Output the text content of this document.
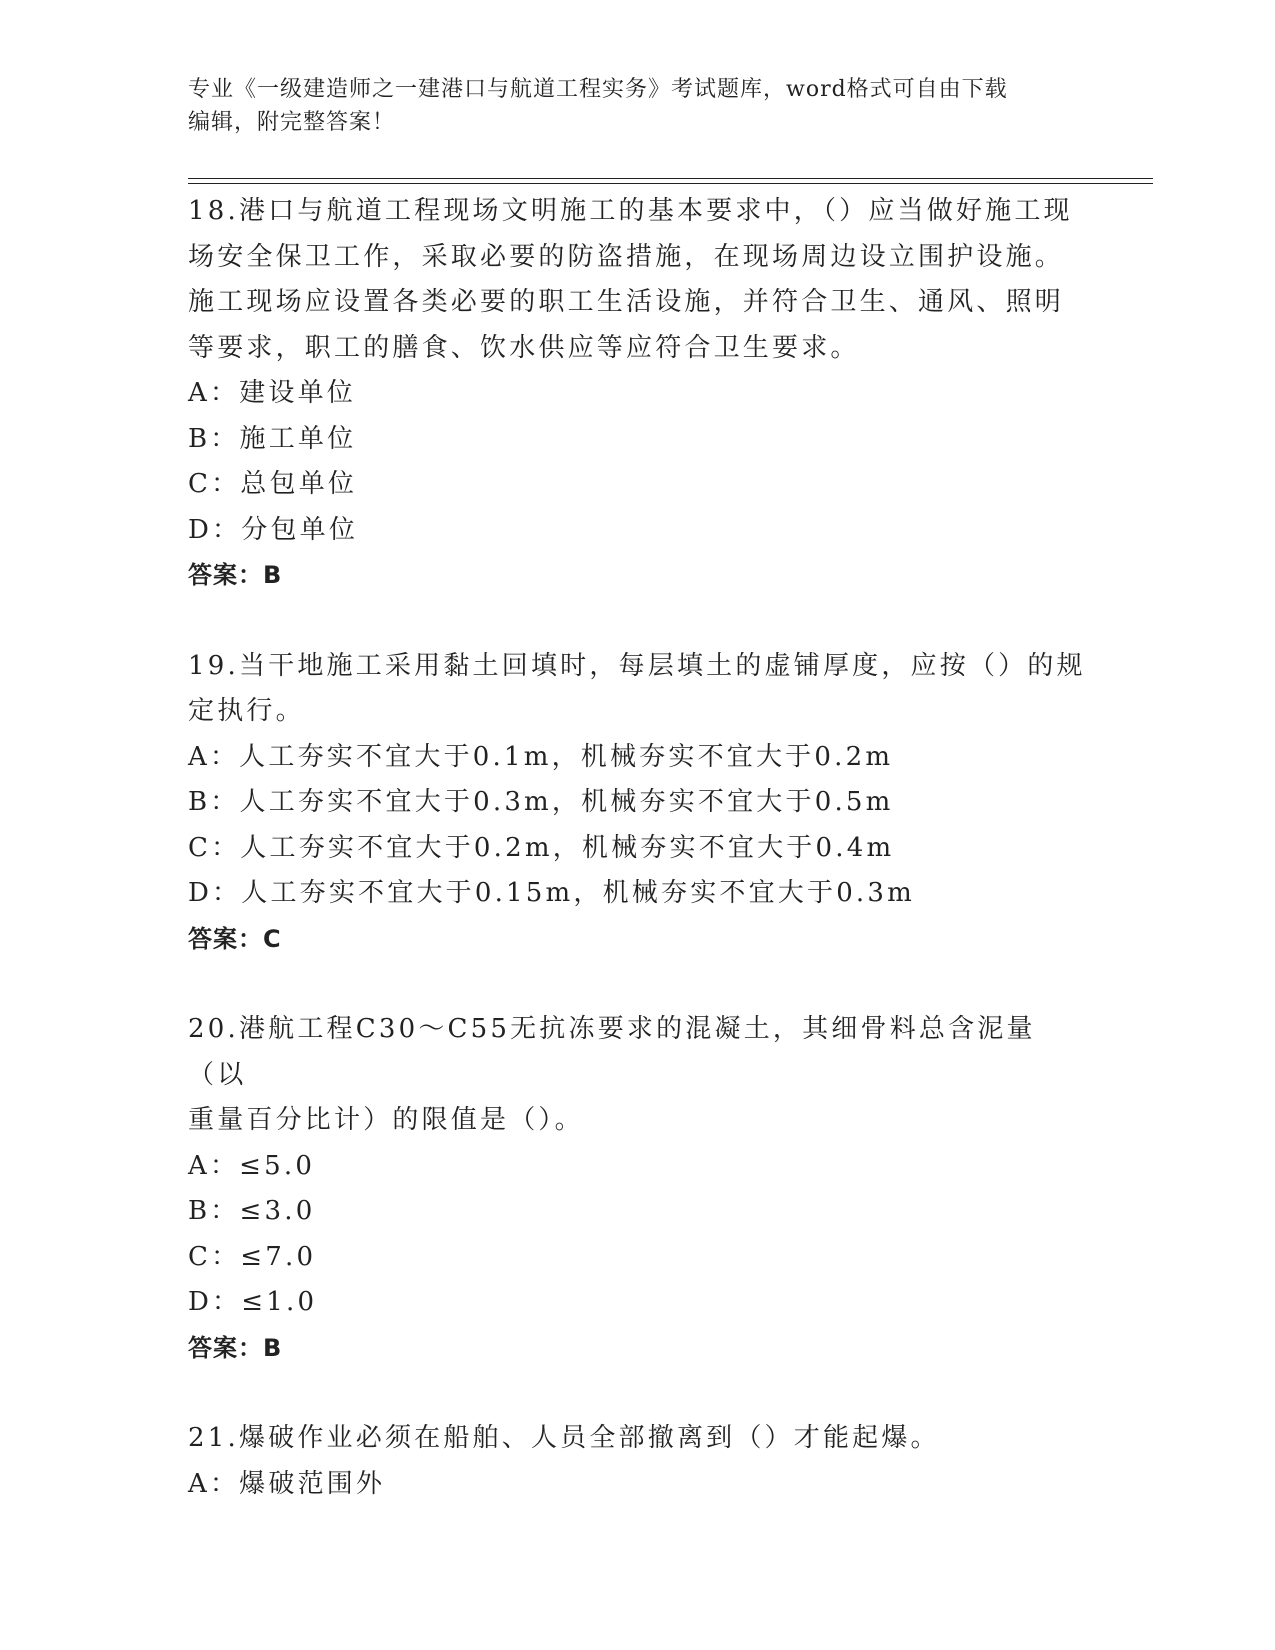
专业《一级建造师之一建港口与航道工程实务》考试题库，word格式可自由下载
编辑，附完整答案！

18.港口与航道工程现场文明施工的基本要求中，（）应当做好施工现

场安全保卫工作，采取必要的防盗措施，在现场周边设立围护设施。

施工现场应设置各类必要的职工生活设施，并符合卫生、通风、照明

等要求，职工的膳食、饮水供应等应符合卫生要求。

A：建设单位

B：施工单位

C：总包单位

D：分包单位

答案：B

19.当干地施工采用黏土回填时，每层填土的虚铺厚度，应按（）的规

定执行。

A：人工夯实不宜大于0.1m，机械夯实不宜大于0.2m

B：人工夯实不宜大于0.3m，机械夯实不宜大于0.5m

C：人工夯实不宜大于0.2m，机械夯实不宜大于0.4m

D：人工夯实不宜大于0.15m，机械夯实不宜大于0.3m

答案：C

20.港航工程C30～C55无抗冻要求的混凝土，其细骨料总含泥量（以

重量百分比计）的限值是（）。

A：≤5.0

B：≤3.0

C：≤7.0

D：≤1.0

答案：B

21.爆破作业必须在船舶、人员全部撤离到（）才能起爆。

A：爆破范围外
